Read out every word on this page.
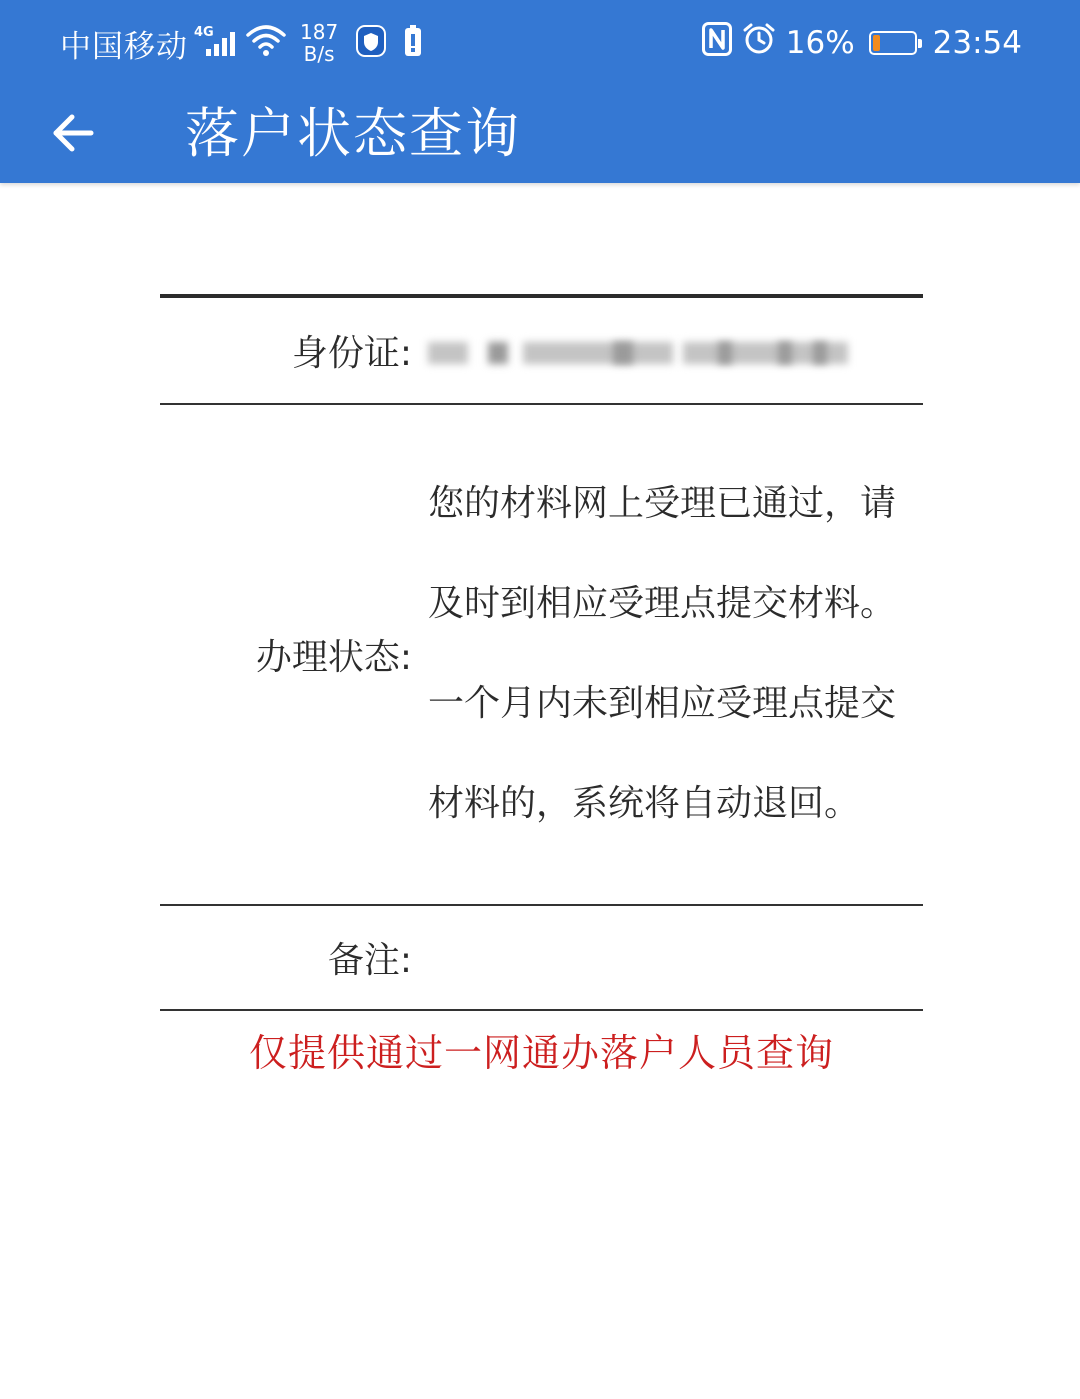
中国移动 4G	187
B/s	16%	23:54
落户状态查询
身份证:
办理状态:
您的材料网上受理已通过，请及时到相应受理点提交材料。一个月内未到相应受理点提交材料的，系统将自动退回。
备注:
仅提供通过一网通办落户人员查询
